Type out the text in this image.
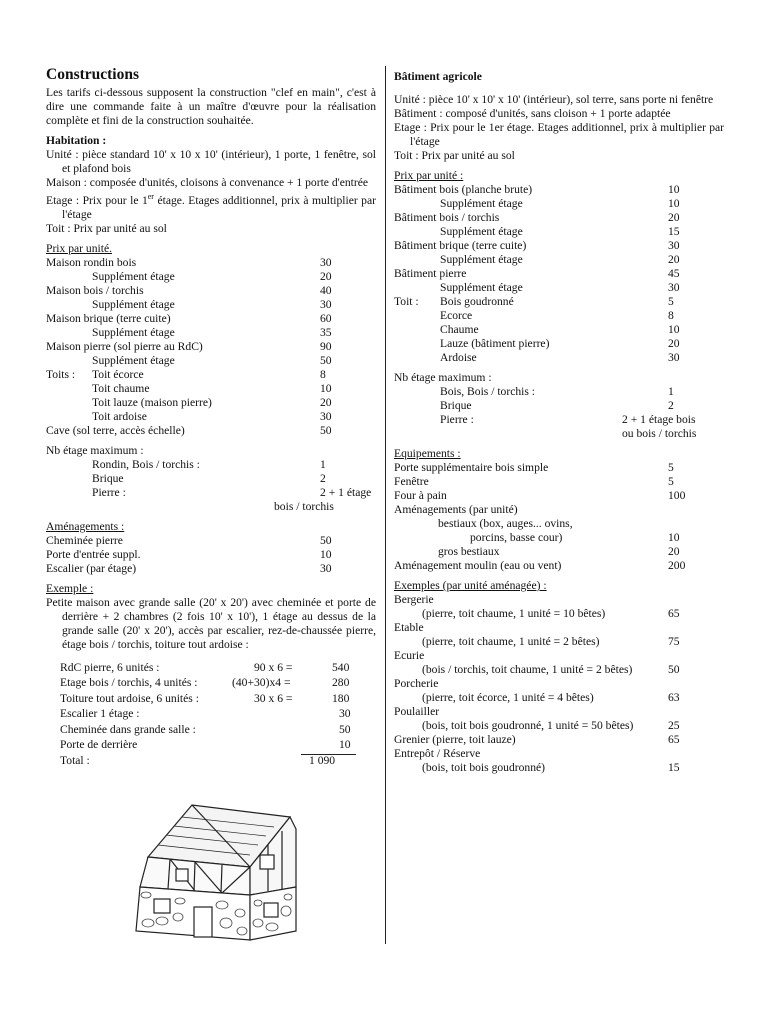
Constructions
Les tarifs ci-dessous supposent la construction "clef en main", c'est à dire une commande faite à un maître d'œuvre pour la réalisation complète et fini de la construction souhaitée.
Habitation :
Unité : pièce standard 10' x 10 x 10' (intérieur), 1 porte, 1 fenêtre, sol et plafond bois
Maison : composée d'unités, cloisons à convenance + 1 porte d'entrée
Etage : Prix pour le 1er étage. Etages additionnel, prix à multiplier par l'étage
Toit : Prix par unité au sol
Prix par unité.
Maison rondin bois	30
Supplément étage	20
Maison bois / torchis	40
Supplément étage	30
Maison brique (terre cuite)	60
Supplément étage	35
Maison pierre (sol pierre au RdC)	90
Supplément étage	50
Toits : Toit écorce	8
Toit chaume	10
Toit lauze (maison pierre)	20
Toit ardoise	30
Cave (sol terre, accès échelle)	50
Nb étage maximum :
Rondin, Bois / torchis :	1
Brique	2
Pierre :	2 + 1 étage
bois / torchis
Aménagements :
Cheminée pierre	50
Porte d'entrée suppl.	10
Escalier (par étage)	30
Exemple :
Petite maison avec grande salle (20' x 20') avec cheminée et porte de derrière + 2 chambres (2 fois 10' x 10'), 1 étage au dessus de la grande salle (20' x 20'), accès par escalier, rez-de-chaussée pierre, étage bois / torchis, toiture tout ardoise :
RdC pierre, 6 unités :	90 x 6 =	540
Etage bois / torchis, 4 unités :	(40+30)x4 =	280
Toiture tout ardoise, 6 unités :	30 x 6 =	180
Escalier 1 étage :	30
Cheminée dans grande salle :	50
Porte de derrière	10
Total :	1 090
Bâtiment agricole
Unité : pièce 10' x 10' x 10' (intérieur), sol terre, sans porte ni fenêtre
Bâtiment : composé d'unités, sans cloison + 1 porte adaptée
Etage : Prix pour le 1er étage. Etages additionnel, prix à multiplier par l'étage
Toit : Prix par unité au sol
Prix par unité :
Bâtiment bois (planche brute)	10
Supplément étage	10
Bâtiment bois / torchis	20
Supplément étage	15
Bâtiment brique (terre cuite)	30
Supplément étage	20
Bâtiment pierre	45
Supplément étage	30
Toit : Bois goudronné	5
Ecorce	8
Chaume	10
Lauze (bâtiment pierre)	20
Ardoise	30
Nb étage maximum :
Bois, Bois / torchis :	1
Brique	2
Pierre :	2 + 1 étage bois
ou bois / torchis
Equipements :
Porte supplémentaire bois simple	5
Fenêtre	5
Four à pain	100
Aménagements (par unité)
bestiaux (box, auges... ovins,
porcins, basse cour)	10
gros bestiaux	20
Aménagement moulin (eau ou vent)	200
Exemples (par unité aménagée) :
Bergerie
(pierre, toit chaume, 1 unité = 10 bêtes)	65
Etable
(pierre, toit chaume, 1 unité = 2 bêtes)	75
Ecurie
(bois / torchis, toit chaume, 1 unité = 2 bêtes)	50
Porcherie
(pierre, toit écorce, 1 unité = 4 bêtes)	63
Poulailler
(bois, toit bois goudronné, 1 unité = 50 bêtes)	25
Grenier (pierre, toit lauze)	65
Entrepôt / Réserve
(bois, toit bois goudronné)	15
